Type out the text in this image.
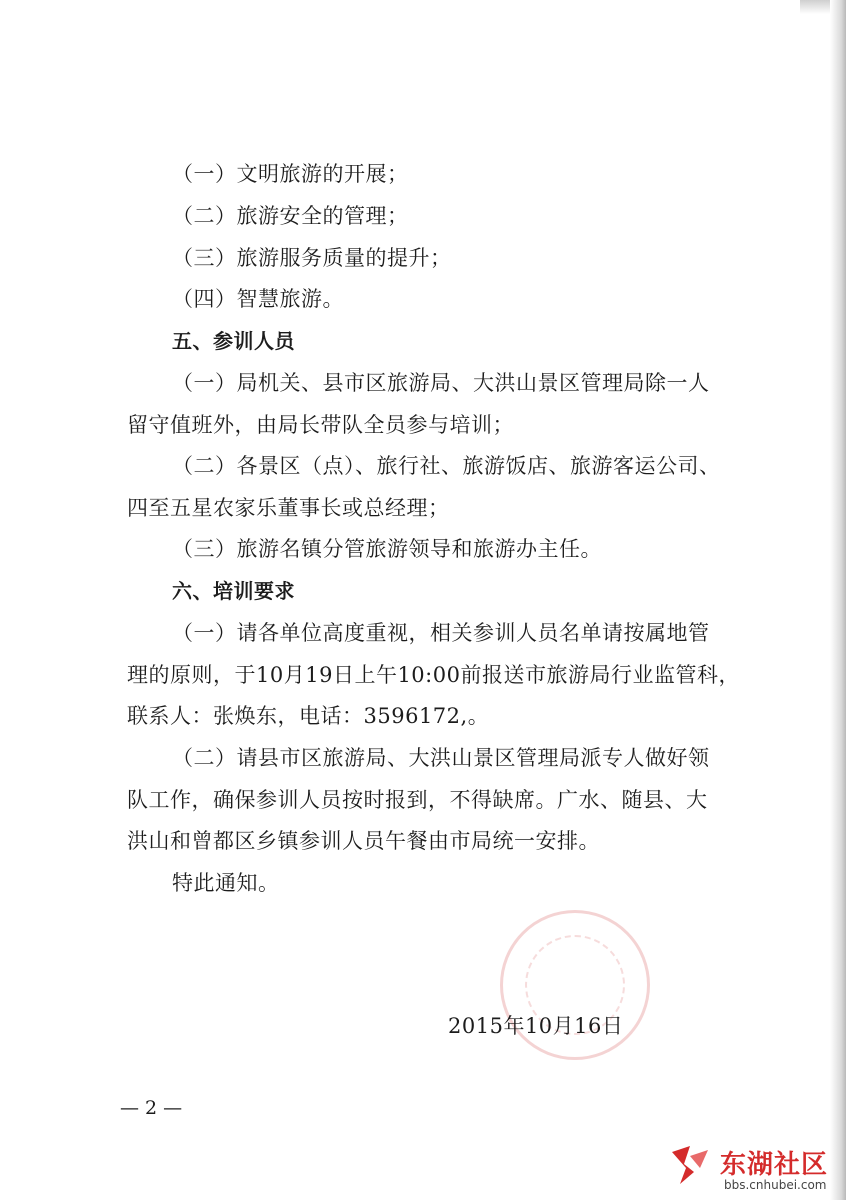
（一）文明旅游的开展；
（二）旅游安全的管理；
（三）旅游服务质量的提升；
（四）智慧旅游。
五、参训人员
（一）局机关、县市区旅游局、大洪山景区管理局除一人
留守值班外，由局长带队全员参与培训；
（二）各景区（点）、旅行社、旅游饭店、旅游客运公司、
四至五星农家乐董事长或总经理；
（三）旅游名镇分管旅游领导和旅游办主任。
六、培训要求
（一）请各单位高度重视，相关参训人员名单请按属地管
理的原则，于10月19日上午10:00前报送市旅游局行业监管科，
联系人：张焕东，电话：3596172,。
（二）请县市区旅游局、大洪山景区管理局派专人做好领
队工作，确保参训人员按时报到，不得缺席。广水、随县、大
洪山和曾都区乡镇参训人员午餐由市局统一安排。
特此通知。
2015年10月16日
— 2 —
东湖社区
bbs.cnhubei.com
